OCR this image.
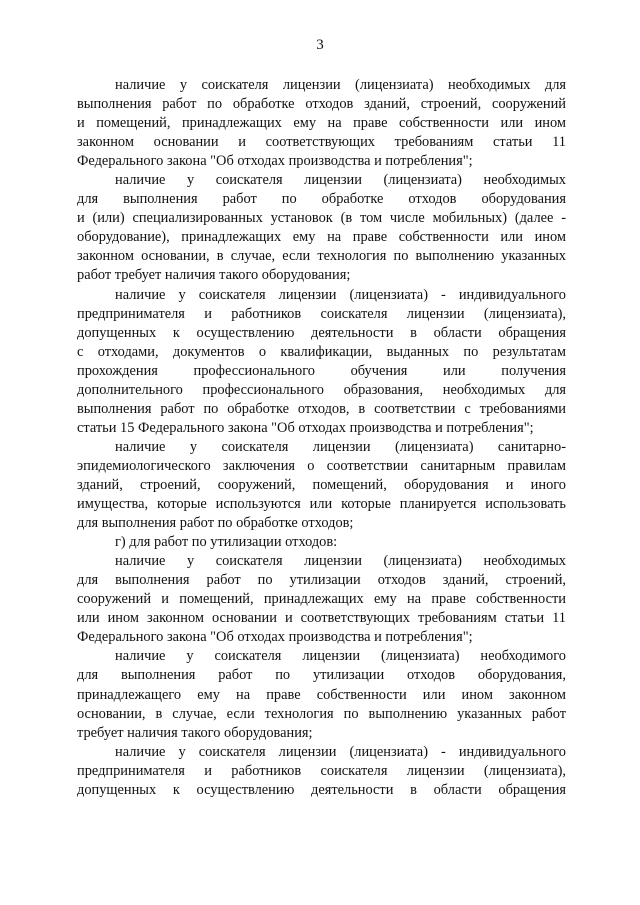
3
наличие у соискателя лицензии (лицензиата) необходимых для
выполнения работ по обработке отходов зданий, строений, сооружений
и помещений, принадлежащих ему на праве собственности или ином
законном основании и соответствующих требованиям статьи 11
Федерального закона "Об отходах производства и потребления";
наличие у соискателя лицензии (лицензиата) необходимых
для выполнения работ по обработке отходов оборудования
и (или) специализированных установок (в том числе мобильных) (далее -
оборудование), принадлежащих ему на праве собственности или ином
законном основании, в случае, если технология по выполнению указанных
работ требует наличия такого оборудования;
наличие у соискателя лицензии (лицензиата) - индивидуального
предпринимателя и работников соискателя лицензии (лицензиата),
допущенных к осуществлению деятельности в области обращения
с отходами, документов о квалификации, выданных по результатам
прохождения профессионального обучения или получения
дополнительного профессионального образования, необходимых для
выполнения работ по обработке отходов, в соответствии с требованиями
статьи 15 Федерального закона "Об отходах производства и потребления";
наличие у соискателя лицензии (лицензиата) санитарно-
эпидемиологического заключения о соответствии санитарным правилам
зданий, строений, сооружений, помещений, оборудования и иного
имущества, которые используются или которые планируется использовать
для выполнения работ по обработке отходов;
г) для работ по утилизации отходов:
наличие у соискателя лицензии (лицензиата) необходимых
для выполнения работ по утилизации отходов зданий, строений,
сооружений и помещений, принадлежащих ему на праве собственности
или ином законном основании и соответствующих требованиям статьи 11
Федерального закона "Об отходах производства и потребления";
наличие у соискателя лицензии (лицензиата) необходимого
для выполнения работ по утилизации отходов оборудования,
принадлежащего ему на праве собственности или ином законном
основании, в случае, если технология по выполнению указанных работ
требует наличия такого оборудования;
наличие у соискателя лицензии (лицензиата) - индивидуального
предпринимателя и работников соискателя лицензии (лицензиата),
допущенных к осуществлению деятельности в области обращения
